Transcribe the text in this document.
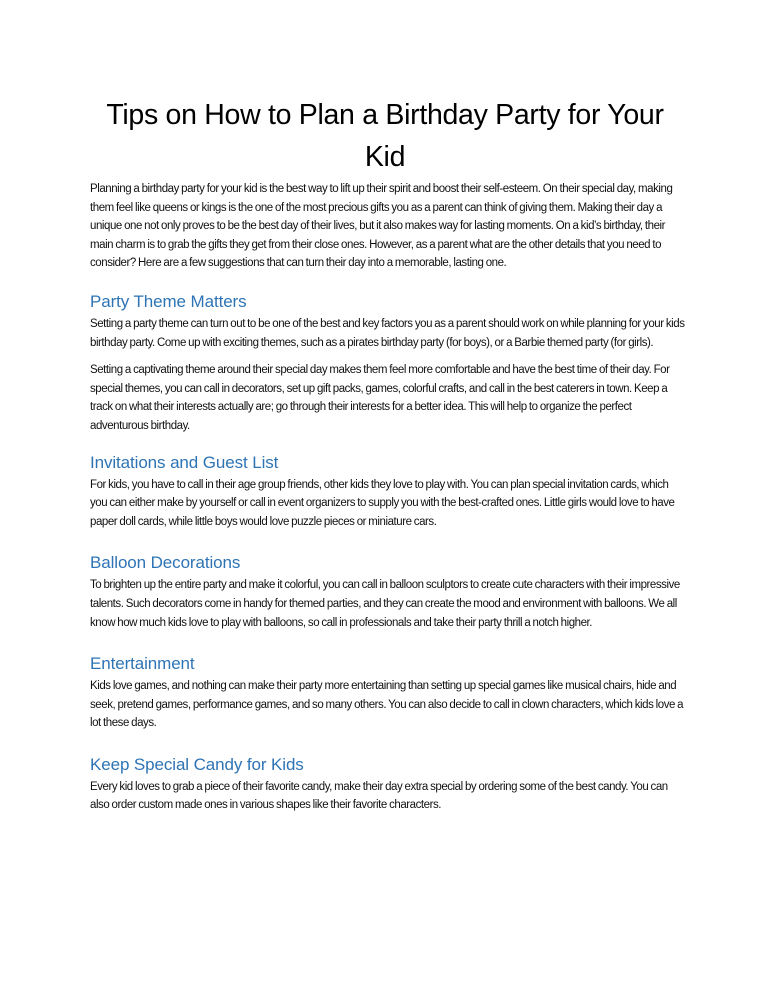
Tips on How to Plan a Birthday Party for Your Kid

Planning a birthday party for your kid is the best way to lift up their spirit and boost their self-esteem. On their special day, making them feel like queens or kings is the one of the most precious gifts you as a parent can think of giving them. Making their day a unique one not only proves to be the best day of their lives, but it also makes way for lasting moments. On a kid’s birthday, their main charm is to grab the gifts they get from their close ones. However, as a parent what are the other details that you need to consider? Here are a few suggestions that can turn their day into a memorable, lasting one.

Party Theme Matters

Setting a party theme can turn out to be one of the best and key factors you as a parent should work on while planning for your kids birthday party. Come up with exciting themes, such as a pirates birthday party (for boys), or a Barbie themed party (for girls).

Setting a captivating theme around their special day makes them feel more comfortable and have the best time of their day. For special themes, you can call in decorators, set up gift packs, games, colorful crafts, and call in the best caterers in town. Keep a track on what their interests actually are; go through their interests for a better idea. This will help to organize the perfect adventurous birthday.

Invitations and Guest List

For kids, you have to call in their age group friends, other kids they love to play with. You can plan special invitation cards, which you can either make by yourself or call in event organizers to supply you with the best-crafted ones. Little girls would love to have paper doll cards, while little boys would love puzzle pieces or miniature cars.

Balloon Decorations

To brighten up the entire party and make it colorful, you can call in balloon sculptors to create cute characters with their impressive talents. Such decorators come in handy for themed parties, and they can create the mood and environment with balloons. We all know how much kids love to play with balloons, so call in professionals and take their party thrill a notch higher.

Entertainment

Kids love games, and nothing can make their party more entertaining than setting up special games like musical chairs, hide and seek, pretend games, performance games, and so many others. You can also decide to call in clown characters, which kids love a lot these days.

Keep Special Candy for Kids

Every kid loves to grab a piece of their favorite candy, make their day extra special by ordering some of the best candy. You can also order custom made ones in various shapes like their favorite characters.
